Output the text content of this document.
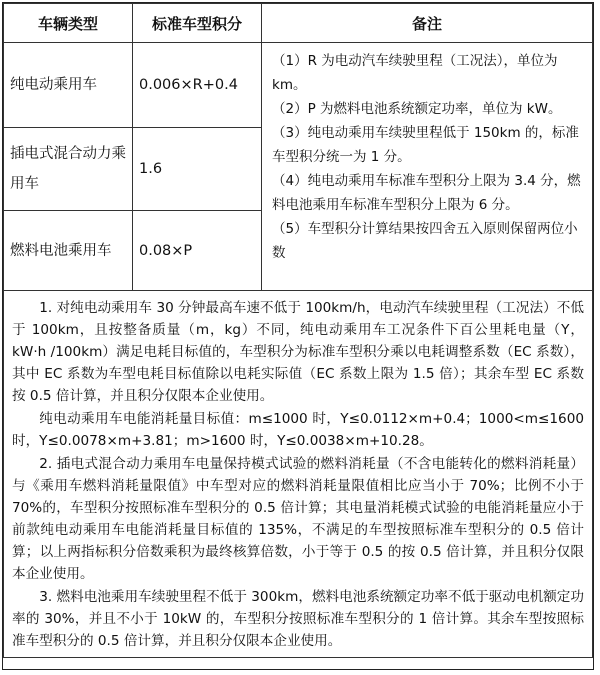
车辆类型	标准车型积分	备注
纯电动乘用车	0.006×R+0.4	（1）R 为电动汽车续驶里程（工况法），单位为 km。

（2）P 为燃料电池系统额定功率，单位为 kW。

（3）纯电动乘用车续驶里程低于 150km 的，标准车型积分统一为 1 分。

（4）纯电动乘用车标准车型积分上限为 3.4 分，燃料电池乘用车标准车型积分上限为 6 分。

（5）车型积分计算结果按四舍五入原则保留两位小数

插电式混合动力乘用车	1.6	
燃料电池乘用车	0.08×P	

1. 对纯电动乘用车 30 分钟最高车速不低于 100km/h，电动汽车续驶里程（工况法）不低于 100km，且按整备质量（m，kg）不同，纯电动乘用车工况条件下百公里耗电量（Y，kW·h /100km）满足电耗目标值的，车型积分为标准车型积分乘以电耗调整系数（EC 系数），其中 EC 系数为车型电耗目标值除以电耗实际值（EC 系数上限为 1.5 倍）；其余车型 EC 系数按 0.5 倍计算，并且积分仅限本企业使用。

纯电动乘用车电能消耗量目标值：m≤1000 时，Y≤0.0112×m+0.4；1000<m≤1600 时，Y≤0.0078×m+3.81；m>1600 时，Y≤0.0038×m+10.28。

2. 插电式混合动力乘用车电量保持模式试验的燃料消耗量（不含电能转化的燃料消耗量）与《乘用车燃料消耗量限值》中车型对应的燃料消耗量限值相比应当小于 70%；比例不小于 70%的，车型积分按照标准车型积分的 0.5 倍计算；其电量消耗模式试验的电能消耗量应小于前款纯电动乘用车电能消耗量目标值的 135%，不满足的车型按照标准车型积分的 0.5 倍计算；以上两指标积分倍数乘积为最终核算倍数，小于等于 0.5 的按 0.5 倍计算，并且积分仅限本企业使用。

3. 燃料电池乘用车续驶里程不低于 300km，燃料电池系统额定功率不低于驱动电机额定功率的 30%，并且不小于 10kW 的，车型积分按照标准车型积分的 1 倍计算。其余车型按照标准车型积分的 0.5 倍计算，并且积分仅限本企业使用。		
